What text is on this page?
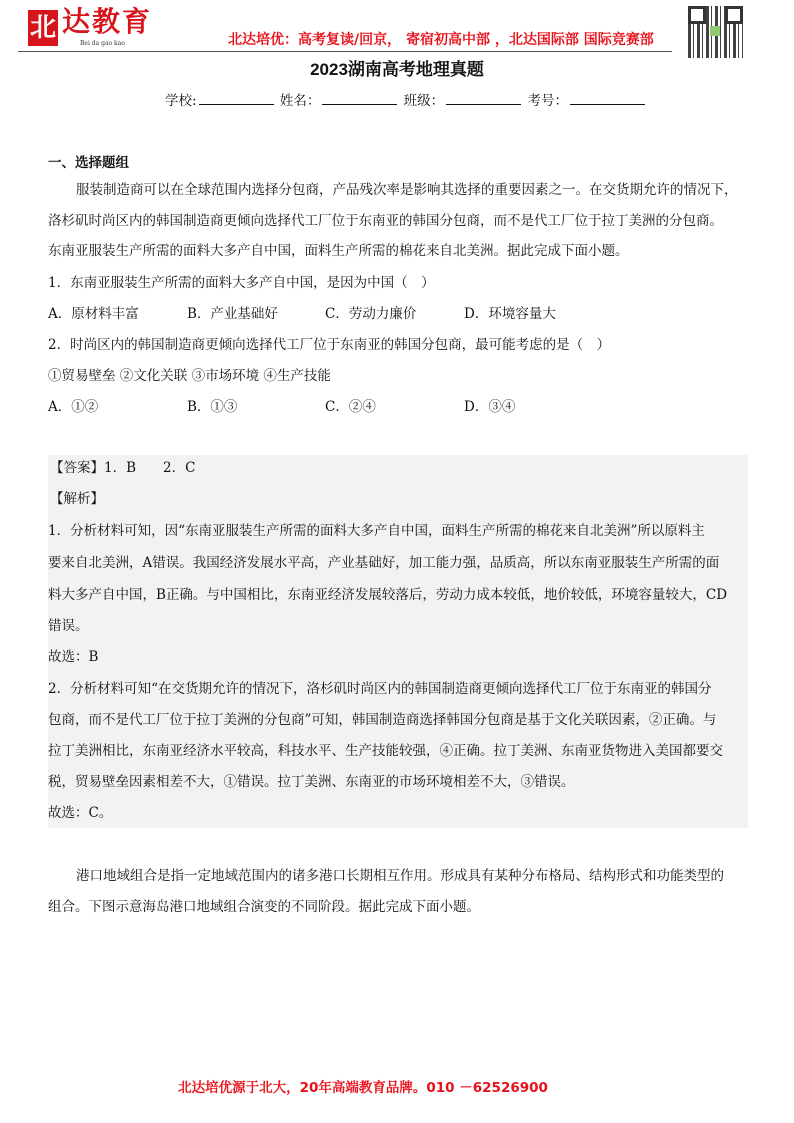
北 达教育
Bei da gao kao	北达培优：高考复读/回京， 寄宿初高中部 ，北达国际部 国际竞赛部
2023湖南高考地理真题
学校:	姓名：	班级：	考号：
一、选择题组
服装制造商可以在全球范围内选择分包商，产品残次率是影响其选择的重要因素之一。在交货期允许的情况下，
洛杉矶时尚区内的韩国制造商更倾向选择代工厂位于东南亚的韩国分包商，而不是代工厂位于拉丁美洲的分包商。
东南亚服装生产所需的面料大多产自中国，面料生产所需的棉花来自北美洲。据此完成下面小题。
1．东南亚服装生产所需的面料大多产自中国，是因为中国（　）
A．原材料丰富	B．产业基础好	C．劳动力廉价	D．环境容量大
2．时尚区内的韩国制造商更倾向选择代工厂位于东南亚的韩国分包商，最可能考虑的是（　）
①贸易壁垒 ②文化关联 ③市场环境 ④生产技能
A．①②	B．①③	C．②④	D．③④
【答案】1．B　　2．C
【解析】
1．分析材料可知，因“东南亚服装生产所需的面料大多产自中国，面料生产所需的棉花来自北美洲”所以原料主
要来自北美洲，A错误。我国经济发展水平高，产业基础好，加工能力强，品质高，所以东南亚服装生产所需的面
料大多产自中国，B正确。与中国相比，东南亚经济发展较落后，劳动力成本较低，地价较低，环境容量较大，CD
错误。
故选：B
2．分析材料可知“在交货期允许的情况下，洛杉矶时尚区内的韩国制造商更倾向选择代工厂位于东南亚的韩国分
包商，而不是代工厂位于拉丁美洲的分包商”可知，韩国制造商选择韩国分包商是基于文化关联因素，②正确。与
拉丁美洲相比，东南亚经济水平较高，科技水平、生产技能较强，④正确。拉丁美洲、东南亚货物进入美国都要交
税，贸易壁垒因素相差不大，①错误。拉丁美洲、东南亚的市场环境相差不大，③错误。
故选：C。
港口地域组合是指一定地域范围内的诸多港口长期相互作用。形成具有某种分布格局、结构形式和功能类型的
组合。下图示意海岛港口地域组合演变的不同阶段。据此完成下面小题。
北达培优源于北大，20年高端教育品牌。010 －62526900
